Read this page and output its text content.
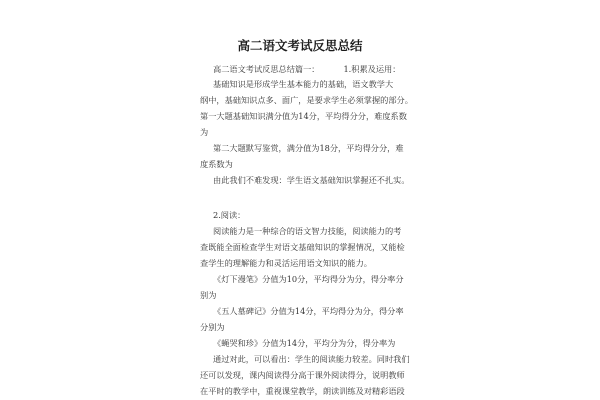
高二语文考试反思总结
高二语文考试反思总结篇一：	1.积累及运用：
基础知识是形成学生基本能力的基础，语文教学大
纲中，基础知识点多、面广，是要求学生必须掌握的部分。
第一大题基础知识满分值为14分，平均得分分，难度系数
为
第二大题默写鉴赏，满分值为18分，平均得分分，难
度系数为
由此我们不难发现：学生语文基础知识掌握还不扎实。
2.阅读：
阅读能力是一种综合的语文智力技能，阅读能力的考
查既能全面检查学生对语文基础知识的掌握情况，又能检
查学生的理解能力和灵活运用语文知识的能力。
《灯下漫笔》分值为10分，平均得分为分，得分率分
别为
《五人墓碑记》分值为14分，平均得分为分，得分率
分别为
《蝇哭和珍》分值为14分，平均分为分，得分率为
通过对此，可以看出：学生的阅读能力较差。同时我们
还可以发现，课内阅读得分高于课外阅读得分，说明教师
在平时的教学中，重视课堂教学，朗读训练及对精彩语段
